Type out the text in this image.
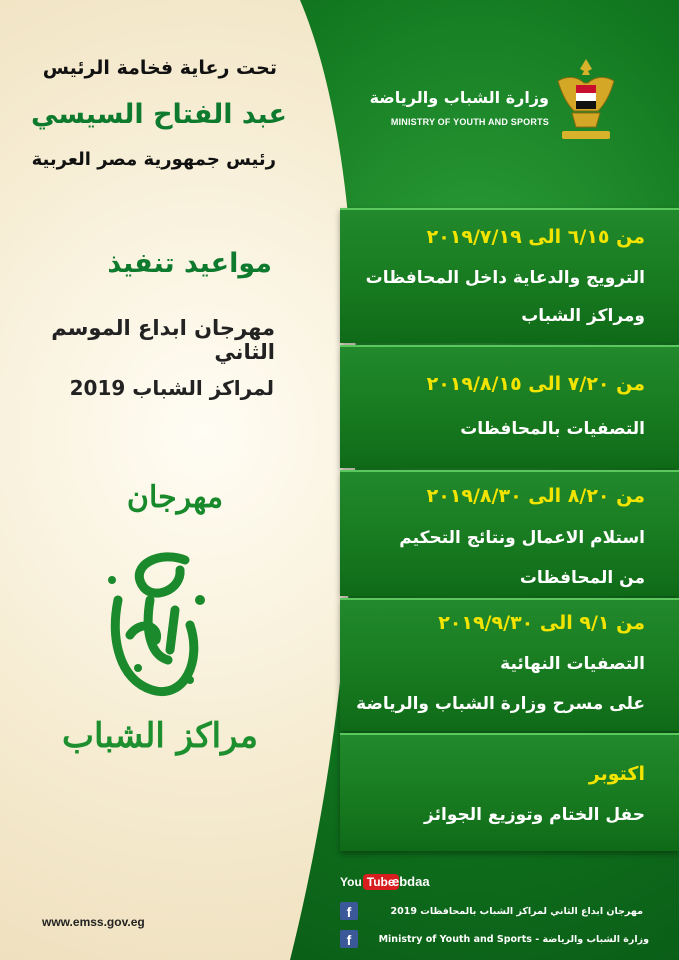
تحت رعاية فخامة الرئيس
عبد الفتاح السيسي
رئيس جمهورية مصر العربية
مواعيد تنفيذ
مهرجان ابداع الموسم الثاني
لمراكز الشباب 2019
مهرجان
مراكز الشباب
www.emss.gov.eg
وزارة الشباب والرياضة
MINISTRY OF YOUTH AND SPORTS
من ٦/١٥ الى ٢٠١٩/٧/١٩
الترويج والدعاية داخل المحافظات
ومراكز الشباب
من ٧/٢٠ الى ٢٠١٩/٨/١٥
التصفيات بالمحافظات
من ٨/٢٠ الى ٢٠١٩/٨/٣٠
استلام الاعمال ونتائج التحكيم
من المحافظات
من ٩/١ الى ٢٠١٩/٩/٣٠
التصفيات النهائية
على مسرح وزارة الشباب والرياضة
اكتوبر
حفل الختام وتوزيع الجوائز
You Tube
ebdaa
f	مهرجان ابداع الثاني لمراكز الشباب بالمحافظات 2019
f	وزارة الشباب والرياضة - Ministry of Youth and Sports
